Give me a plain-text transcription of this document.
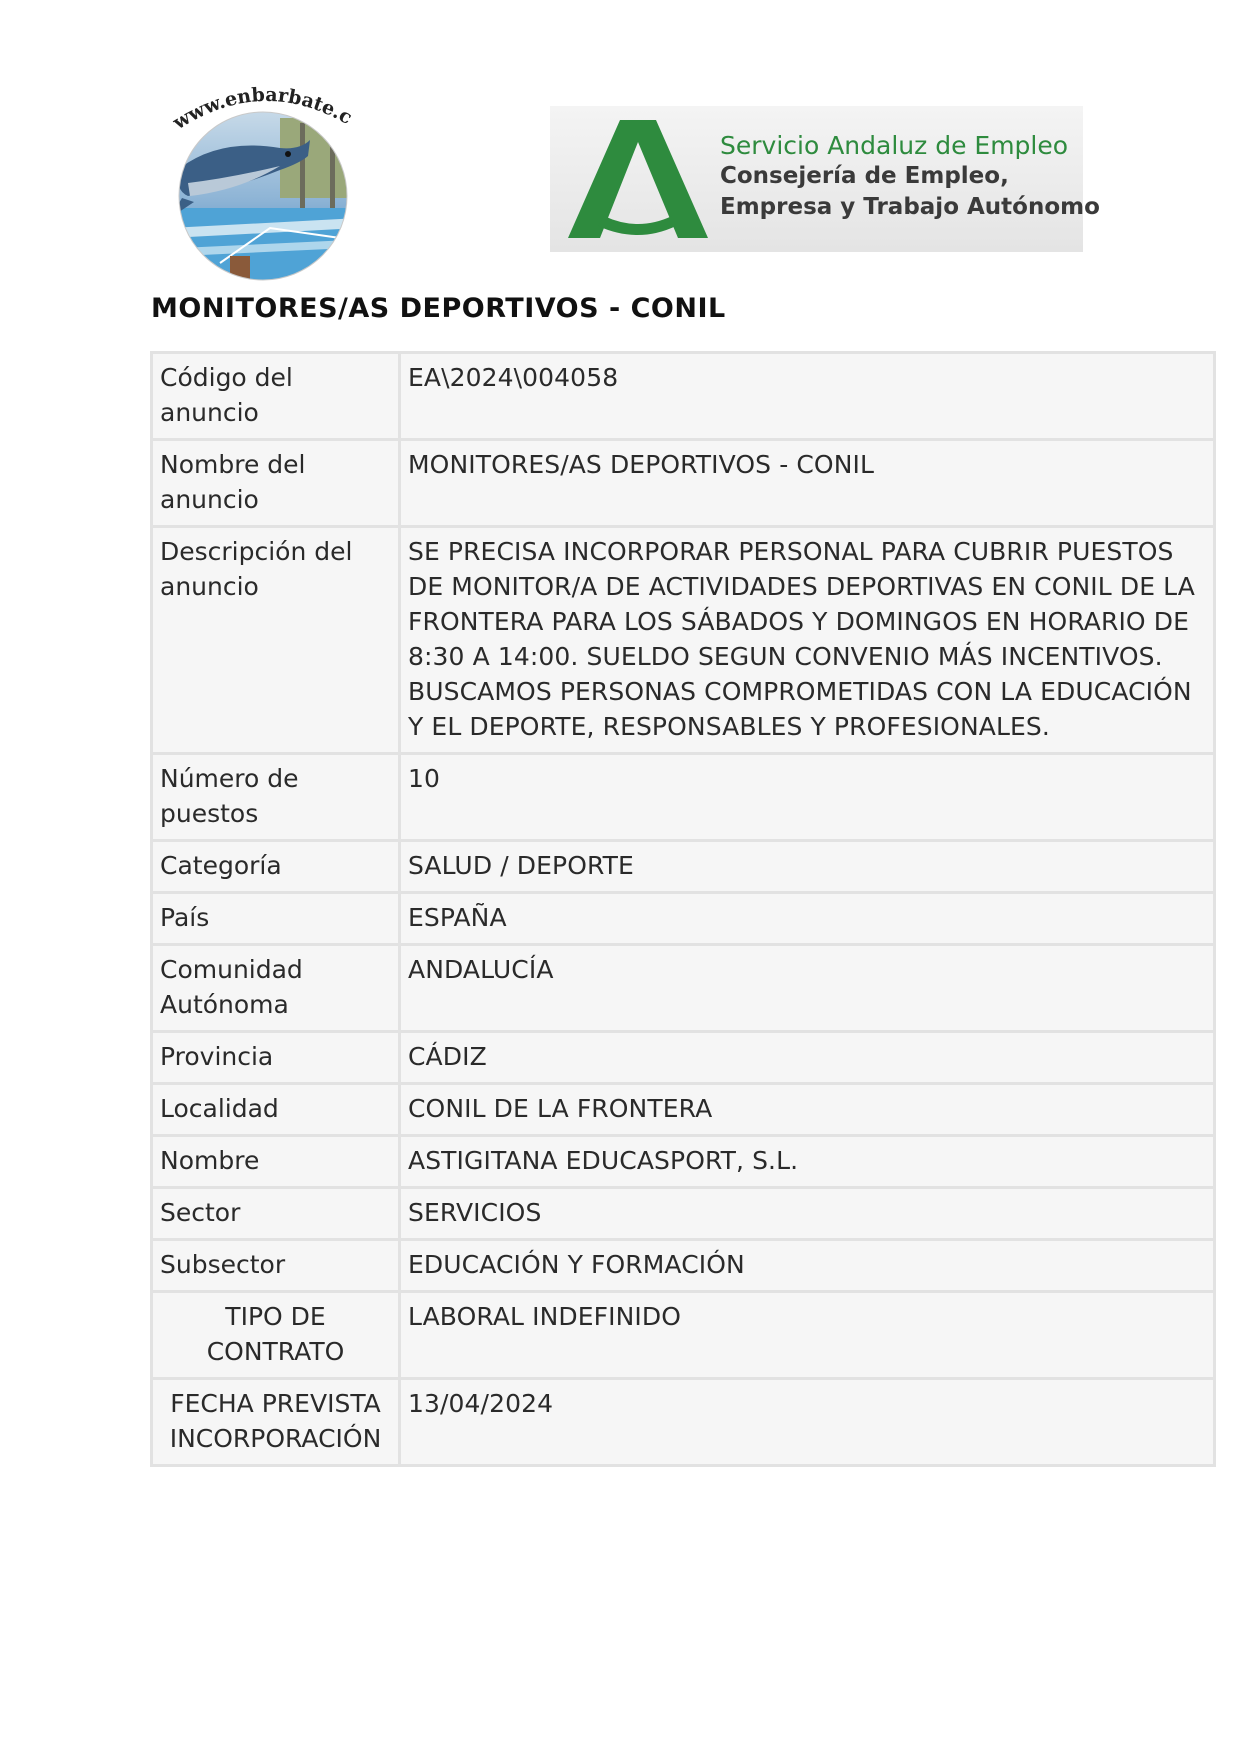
www.enbarbate.c
Servicio Andaluz de Empleo
Consejería de Empleo,
Empresa y Trabajo Autónomo
MONITORES/AS DEPORTIVOS - CONIL
Código del anuncio	EA\2024\004058
Nombre del anuncio	MONITORES/AS DEPORTIVOS - CONIL
Descripción del anuncio	SE PRECISA INCORPORAR PERSONAL PARA CUBRIR PUESTOS DE MONITOR/A DE ACTIVIDADES DEPORTIVAS EN CONIL DE LA FRONTERA PARA LOS SÁBADOS Y DOMINGOS EN HORARIO DE 8:30 A 14:00. SUELDO SEGUN CONVENIO MÁS INCENTIVOS. BUSCAMOS PERSONAS COMPROMETIDAS CON LA EDUCACIÓN Y EL DEPORTE, RESPONSABLES Y PROFESIONALES.
Número de puestos	10
Categoría	SALUD / DEPORTE
País	ESPAÑA
Comunidad Autónoma	ANDALUCÍA
Provincia	CÁDIZ
Localidad	CONIL DE LA FRONTERA
Nombre	ASTIGITANA EDUCASPORT, S.L.
Sector	SERVICIOS
Subsector	EDUCACIÓN Y FORMACIÓN
TIPO DE CONTRATO	LABORAL INDEFINIDO
FECHA PREVISTA INCORPORACIÓN	13/04/2024
